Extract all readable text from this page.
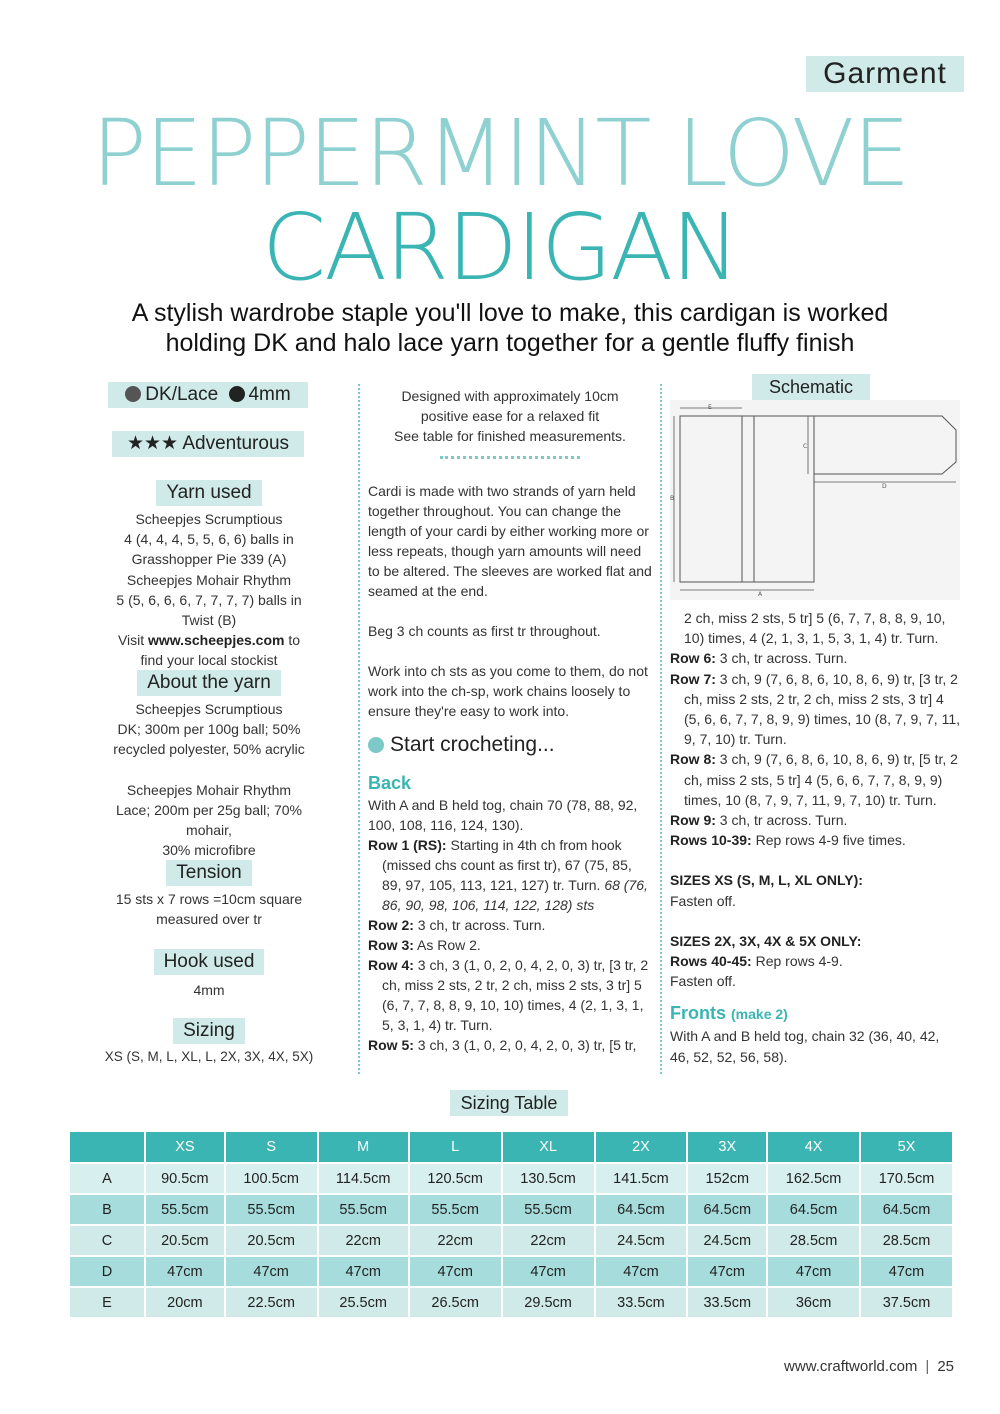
Garment
PEPPERMINT LOVE
CARDIGAN
A stylish wardrobe staple you'll love to make, this cardigan is worked holding DK and halo lace yarn together for a gentle fluffy finish
DK/Lace 4mm
★★★ Adventurous
Yarn used
Scheepjes Scrumptious
4 (4, 4, 4, 5, 5, 6, 6) balls in
Grasshopper Pie 339 (A)
Scheepjes Mohair Rhythm
5 (5, 6, 6, 6, 7, 7, 7, 7) balls in Twist (B)
Visit www.scheepjes.com to
find your local stockist
About the yarn
Scheepjes Scrumptious
DK; 300m per 100g ball; 50%
recycled polyester, 50% acrylic
Scheepjes Mohair Rhythm
Lace; 200m per 25g ball; 70% mohair,
30% microfibre
Tension
15 sts x 7 rows =10cm square
measured over tr
Hook used
4mm
Sizing
XS (S, M, L, XL, L, 2X, 3X, 4X, 5X)
Designed with approximately 10cm
positive ease for a relaxed fit
See table for finished measurements.

Cardi is made with two strands of yarn held together throughout. You can change the length of your cardi by either working more or less repeats, though yarn amounts will need to be altered. The sleeves are worked flat and seamed at the end.

Beg 3 ch counts as first tr throughout.

Work into ch sts as you come to them, do not work into the ch-sp, work chains loosely to ensure they're easy to work into.

Start crocheting...
Back
With A and B held tog, chain 70 (78, 88, 92, 100, 108, 116, 124, 130).
Row 1 (RS): Starting in 4th ch from hook (missed chs count as first tr), 67 (75, 85, 89, 97, 105, 113, 121, 127) tr. Turn. 68 (76, 86, 90, 98, 106, 114, 122, 128) sts
Row 2: 3 ch, tr across. Turn.
Row 3: As Row 2.
Row 4: 3 ch, 3 (1, 0, 2, 0, 4, 2, 0, 3) tr, [3 tr, 2 ch, miss 2 sts, 2 tr, 2 ch, miss 2 sts, 3 tr] 5 (6, 7, 7, 8, 8, 9, 10, 10) times, 4 (2, 1, 3, 1, 5, 3, 1, 4) tr. Turn.
Row 5: 3 ch, 3 (1, 0, 2, 0, 4, 2, 0, 3) tr, [5 tr,
Schematic
E
A
B
C
D
2 ch, miss 2 sts, 5 tr] 5 (6, 7, 7, 8, 8, 9, 10, 10) times, 4 (2, 1, 3, 1, 5, 3, 1, 4) tr. Turn.
Row 6: 3 ch, tr across. Turn.
Row 7: 3 ch, 9 (7, 6, 8, 6, 10, 8, 6, 9) tr, [3 tr, 2 ch, miss 2 sts, 2 tr, 2 ch, miss 2 sts, 3 tr] 4 (5, 6, 6, 7, 7, 8, 9, 9) times, 10 (8, 7, 9, 7, 11, 9, 7, 10) tr. Turn.
Row 8: 3 ch, 9 (7, 6, 8, 6, 10, 8, 6, 9) tr, [5 tr, 2 ch, miss 2 sts, 5 tr] 4 (5, 6, 6, 7, 7, 8, 9, 9) times, 10 (8, 7, 9, 7, 11, 9, 7, 10) tr. Turn.
Row 9: 3 ch, tr across. Turn.
Rows 10-39: Rep rows 4-9 five times.
SIZES XS (S, M, L, XL ONLY):
Fasten off.
SIZES 2X, 3X, 4X & 5X ONLY:
Rows 40-45: Rep rows 4-9.
Fasten off.
Fronts (make 2)
With A and B held tog, chain 32 (36, 40, 42, 46, 52, 52, 56, 58).
Sizing Table
	XS	S	M	L	XL	2X	3X	4X	5X
A	90.5cm	100.5cm	114.5cm	120.5cm	130.5cm	141.5cm	152cm	162.5cm	170.5cm
B	55.5cm	55.5cm	55.5cm	55.5cm	55.5cm	64.5cm	64.5cm	64.5cm	64.5cm
C	20.5cm	20.5cm	22cm	22cm	22cm	24.5cm	24.5cm	28.5cm	28.5cm
D	47cm	47cm	47cm	47cm	47cm	47cm	47cm	47cm	47cm
E	20cm	22.5cm	25.5cm	26.5cm	29.5cm	33.5cm	33.5cm	36cm	37.5cm
www.craftworld.com | 25
